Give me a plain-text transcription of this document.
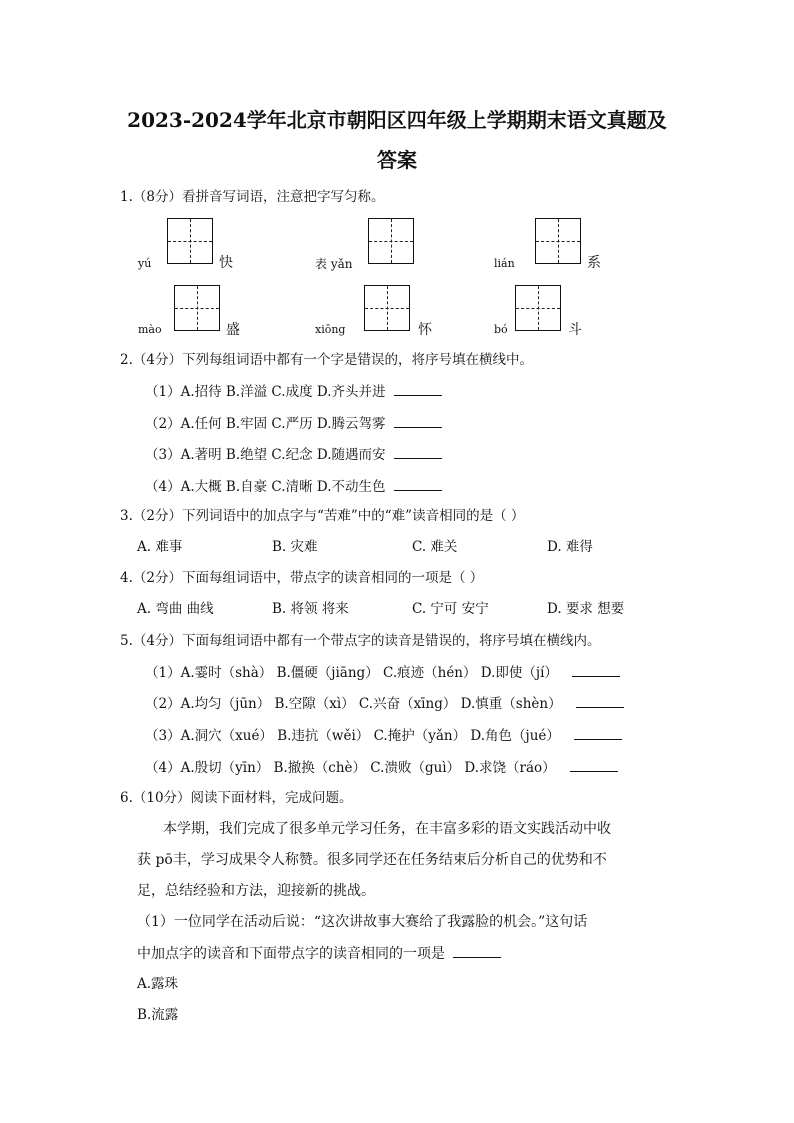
2023-2024学年北京市朝阳区四年级上学期期末语文真题及
答案
1.（8分）看拼音写词语，注意把字写匀称。
yú	快	表 yǎn	lián	系
mào	盛	xiōng	怀	bó	斗
2.（4分）下列每组词语中都有一个字是错误的，将序号填在横线中。
（1）A.招待 B.洋溢 C.成度 D.齐头并进
（2）A.任何 B.牢固 C.严历 D.腾云驾雾
（3）A.著明 B.绝望 C.纪念 D.随遇而安
（4）A.大概 B.自豪 C.清晰 D.不动生色
3.（2分）下列词语中的加点字与“苦难”中的“难”读音相同的是（ ）
A. 难事	B. 灾难	C. 难关	D. 难得
4.（2分）下面每组词语中，带点字的读音相同的一项是（ ）
A. 弯曲 曲线	B. 将领 将来	C. 宁可 安宁	D. 要求 想要
5.（4分）下面每组词语中都有一个带点字的读音是错误的，将序号填在横线内。
（1）A.霎时（shà） B.僵硬（jiāng） C.痕迹（hén） D.即使（jí）
（2）A.均匀（jūn） B.空隙（xì） C.兴奋（xīng） D.慎重（shèn）
（3）A.洞穴（xué） B.违抗（wěi） C.掩护（yǎn） D.角色（jué）
（4）A.殷切（yīn） B.撤换（chè） C.溃败（guì） D.求饶（ráo）
6.（10分）阅读下面材料，完成问题。
本学期，我们完成了很多单元学习任务，在丰富多彩的语文实践活动中收
获 pō丰，学习成果令人称赞。很多同学还在任务结束后分析自己的优势和不
足，总结经验和方法，迎接新的挑战。
（1）一位同学在活动后说：“这次讲故事大赛给了我露脸的机会。”这句话
中加点字的读音和下面带点字的读音相同的一项是
A.露珠
B.流露
